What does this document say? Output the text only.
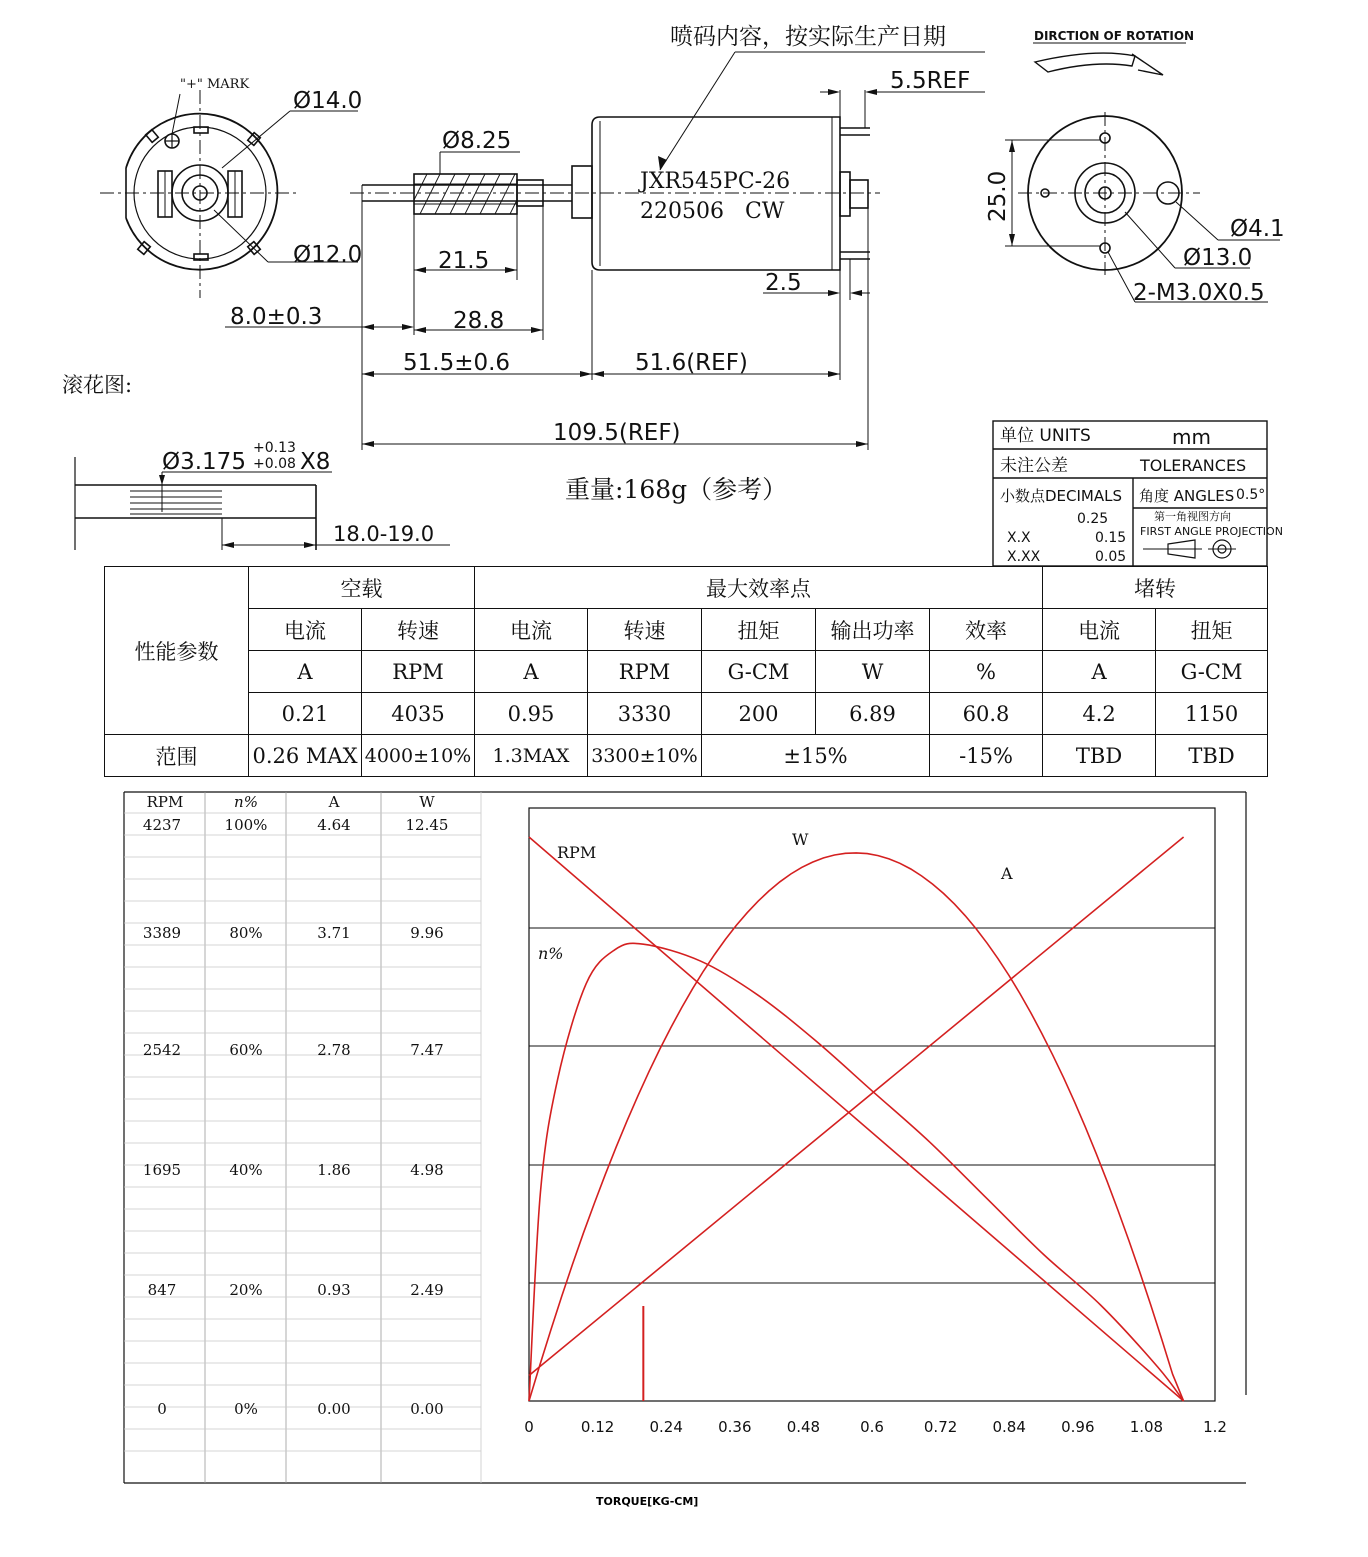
"+" MARK
Ø14.0
Ø12.0
喷码内容，按实际生产日期
5.5REF
Ø8.25
JXR545PC-26
220506   CW
21.5
28.8
8.0±0.3
51.5±0.6	51.6(REF)
2.5
109.5(REF)
重量:168g（参考）
DIRCTION OF ROTATION
25.0
Ø4.1
Ø13.0
2-M3.0X0.5
滚花图:
Ø3.175
+0.13
+0.08 X8
18.0-19.0
单位 UNITS	mm
未注公差	TOLERANCES
小数点DECIMALS 角度 ANGLES 0.5°
0.25
X.X	0.15
X.XX	0.05
第一角视图方向
FIRST ANGLE PROJECTION
性能参数	空载		最大效率点					堵转	
	电流	转速	电流	转速	扭矩	输出功率	效率	电流	扭矩
	A	RPM	A	RPM	G-CM	W	%	A	G-CM
	0.21	4035	0.95	3330	200	6.89	60.8	4.2	1150
范围	0.26 MAX	4000±10%	1.3MAX	3300±10%	±15%		-15%	TBD	TBD
0	0.12 0.24 0.36 0.48	0.6	0.72 0.84 0.96 1.08	1.2
RPM
W
A
n%
TORQUE[KG-CM]
RPM	n%	A	W
4237	100%	4.64	12.45
3389	80%	3.71	9.96
2542	60%	2.78	7.47
1695	40%	1.86	4.98
847	20%	0.93	2.49
0	0%	0.00	0.00
